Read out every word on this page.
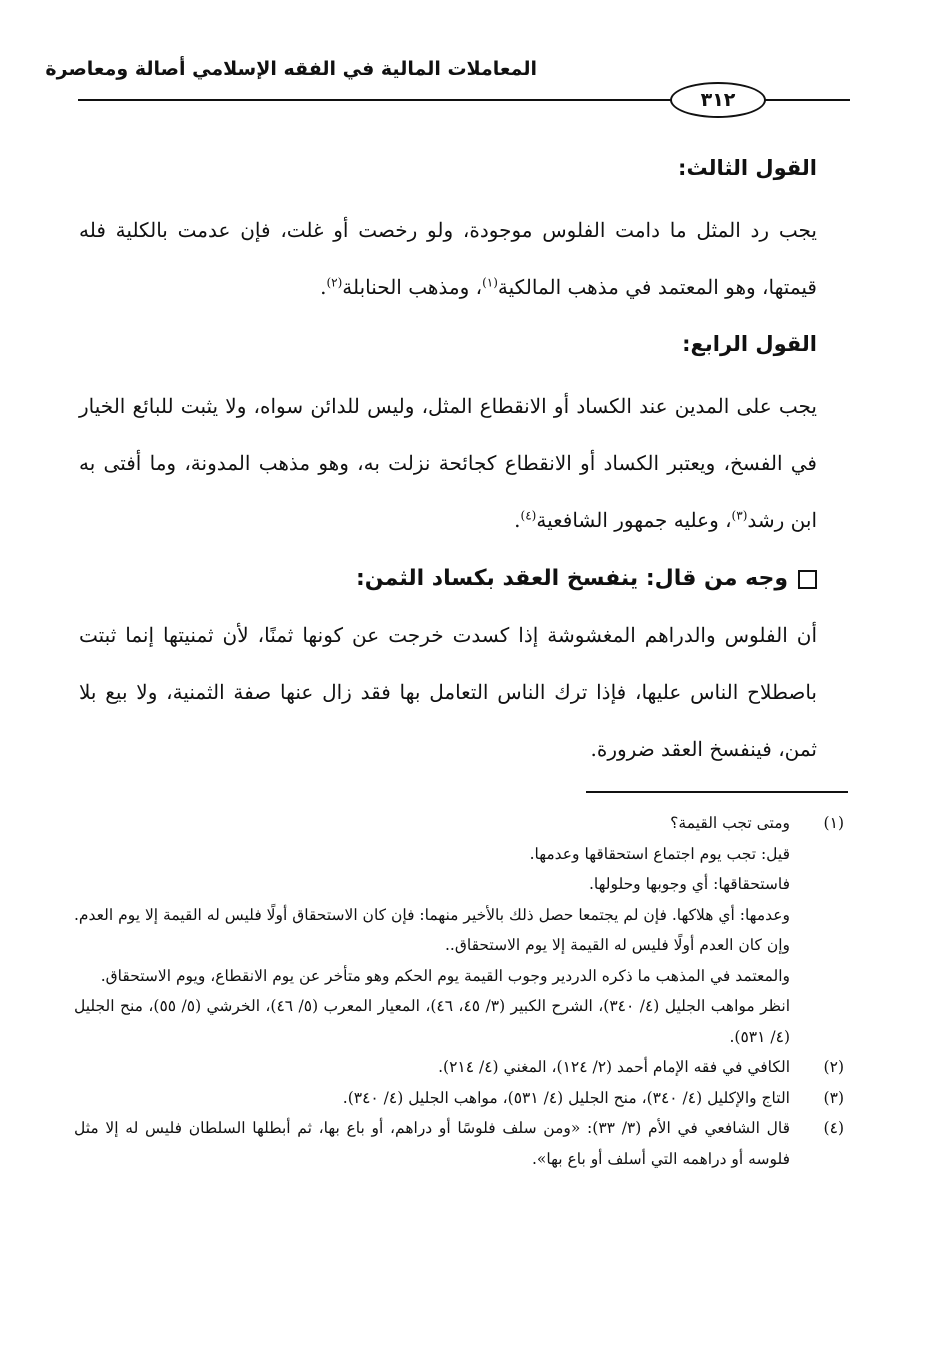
المعاملات المالية في الفقه الإسلامي أصالة ومعاصرة
٣١٢
القول الثالث:

يجب رد المثل ما دامت الفلوس موجودة، ولو رخصت أو غلت، فإن عدمت بالكلية فله قيمتها، وهو المعتمد في مذهب المالكية$^{(١)}$، ومذهب الحنابلة$^{(٢)}$.

القول الرابع:

يجب على المدين عند الكساد أو الانقطاع المثل، وليس للدائن سواه، ولا يثبت للبائع الخيار في الفسخ، ويعتبر الكساد أو الانقطاع كجائحة نزلت به، وهو مذهب المدونة، وما أفتى به ابن رشد$^{(٣)}$، وعليه جمهور الشافعية$^{(٤)}$.

وجه من قال: ينفسخ العقد بكساد الثمن:

أن الفلوس والدراهم المغشوشة إذا كسدت خرجت عن كونها ثمنًا، لأن ثمنيتها إنما ثبتت باصطلاح الناس عليها، فإذا ترك الناس التعامل بها فقد زال عنها صفة الثمنية، ولا بيع بلا ثمن، فينفسخ العقد ضرورة.

(١)
ومتى تجب القيمة؟
قيل: تجب يوم اجتماع استحقاقها وعدمها.
فاستحقاقها: أي وجوبها وحلولها.
وعدمها: أي هلاكها. فإن لم يجتمعا حصل ذلك بالأخير منهما: فإن كان الاستحقاق أولًا فليس له القيمة إلا يوم العدم. وإن كان العدم أولًا فليس له القيمة إلا يوم الاستحقاق..
والمعتمد في المذهب ما ذكره الدردير وجوب القيمة يوم الحكم وهو متأخر عن يوم الانقطاع، ويوم الاستحقاق.
انظر مواهب الجليل (٤/ ٣٤٠)، الشرح الكبير (٣/ ٤٥، ٤٦)، المعيار المعرب (٥/ ٤٦)، الخرشي (٥/ ٥٥)، منح الجليل (٤/ ٥٣١).
(٢)
الكافي في فقه الإمام أحمد (٢/ ١٢٤)، المغني (٤/ ٢١٤).
(٣)
التاج والإكليل (٤/ ٣٤٠)، منح الجليل (٤/ ٥٣١)، مواهب الجليل (٤/ ٣٤٠).
(٤)
قال الشافعي في الأم (٣/ ٣٣): «ومن سلف فلوسًا أو دراهم، أو باع بها، ثم أبطلها السلطان فليس له إلا مثل فلوسه أو دراهمه التي أسلف أو باع بها».
